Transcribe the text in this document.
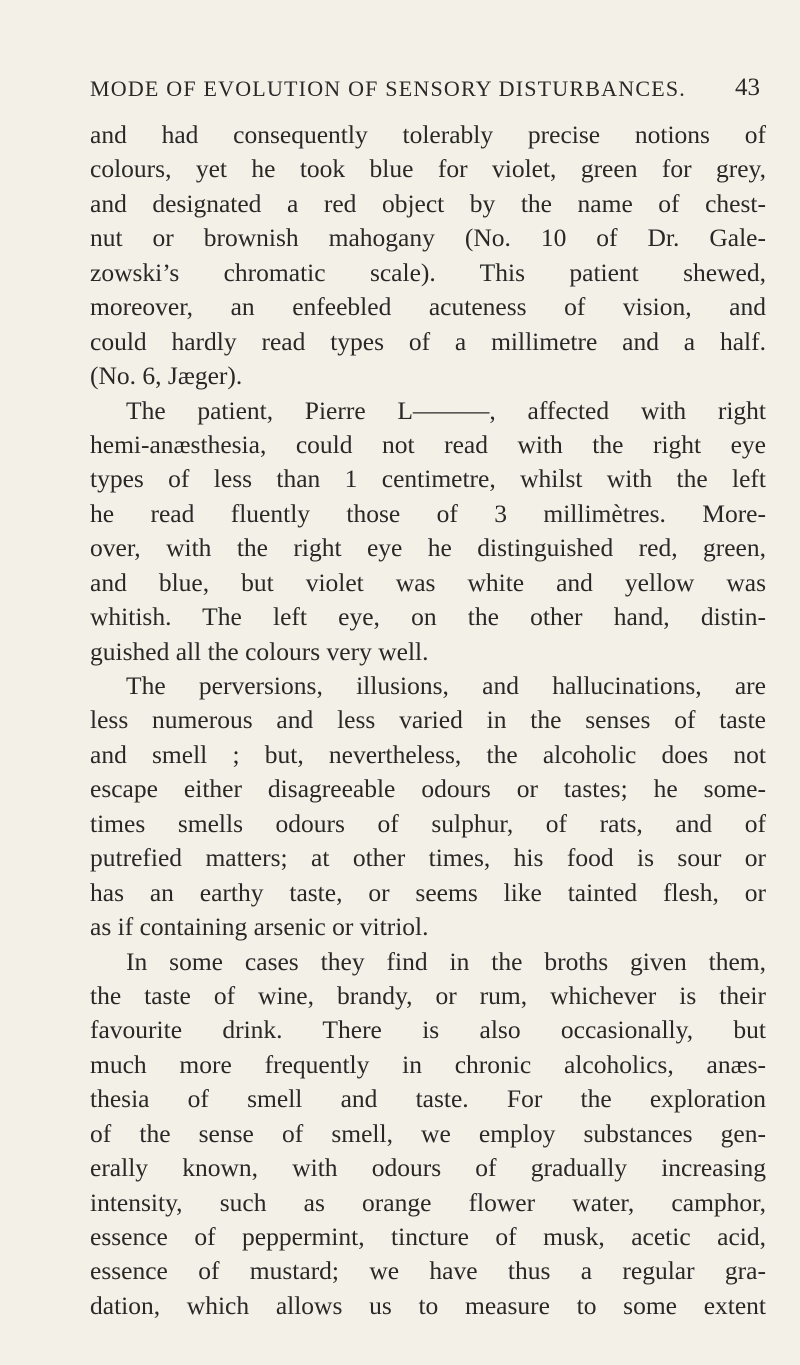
MODE OF EVOLUTION OF SENSORY DISTURBANCES. 43
and had consequently tolerably precise notions of
colours, yet he took blue for violet, green for grey,
and designated a red object by the name of chest-
nut or brownish mahogany (No. 10 of Dr. Gale-
zowski’s chromatic scale). This patient shewed,
moreover, an enfeebled acuteness of vision, and
could hardly read types of a millimetre and a half.
(No. 6, Jæger).
The patient, Pierre L———, affected with right
hemi-anæsthesia, could not read with the right eye
types of less than 1 centimetre, whilst with the left
he read fluently those of 3 millimètres. More-
over, with the right eye he distinguished red, green,
and blue, but violet was white and yellow was
whitish. The left eye, on the other hand, distin-
guished all the colours very well.
The perversions, illusions, and hallucinations, are
less numerous and less varied in the senses of taste
and smell ; but, nevertheless, the alcoholic does not
escape either disagreeable odours or tastes; he some-
times smells odours of sulphur, of rats, and of
putrefied matters; at other times, his food is sour or
has an earthy taste, or seems like tainted flesh, or
as if containing arsenic or vitriol.
In some cases they find in the broths given them,
the taste of wine, brandy, or rum, whichever is their
favourite drink. There is also occasionally, but
much more frequently in chronic alcoholics, anæs-
thesia of smell and taste. For the exploration
of the sense of smell, we employ substances gen-
erally known, with odours of gradually increasing
intensity, such as orange flower water, camphor,
essence of peppermint, tincture of musk, acetic acid,
essence of mustard; we have thus a regular gra-
dation, which allows us to measure to some extent
